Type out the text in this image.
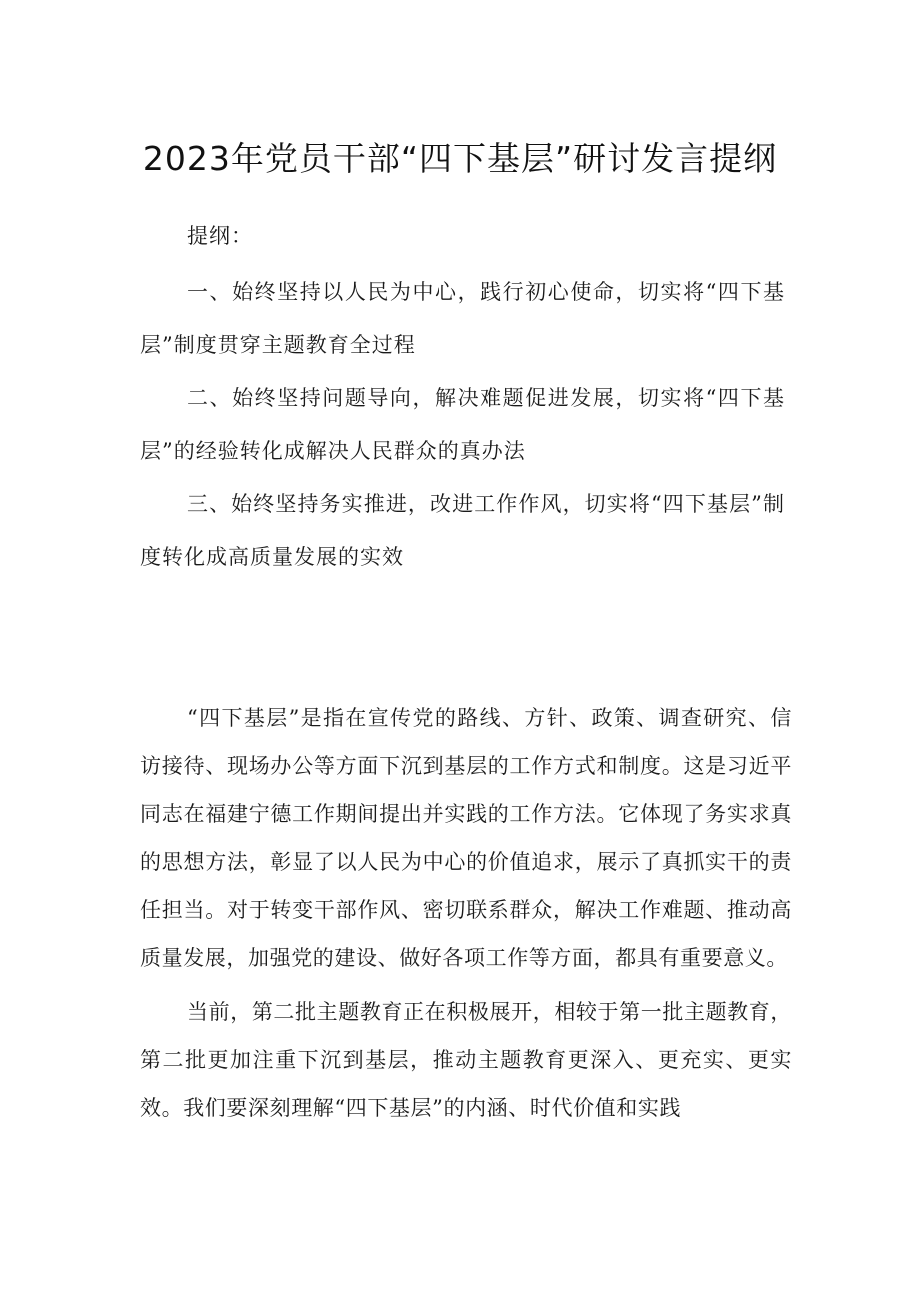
2023年党员干部“四下基层”研讨发言提纲

提纲：

一、始终坚持以人民为中心，践行初心使命，切实将“四下基层”制度贯穿主题教育全过程

二、始终坚持问题导向，解决难题促进发展，切实将“四下基层”的经验转化成解决人民群众的真办法

三、始终坚持务实推进，改进工作作风，切实将“四下基层”制度转化成高质量发展的实效

“四下基层”是指在宣传党的路线、方针、政策、调查研究、信访接待、现场办公等方面下沉到基层的工作方式和制度。这是习近平同志在福建宁德工作期间提出并实践的工作方法。它体现了务实求真的思想方法，彰显了以人民为中心的价值追求，展示了真抓实干的责任担当。对于转变干部作风、密切联系群众，解决工作难题、推动高质量发展，加强党的建设、做好各项工作等方面，都具有重要意义。

当前，第二批主题教育正在积极展开，相较于第一批主题教育，第二批更加注重下沉到基层，推动主题教育更深入、更充实、更实效。我们要深刻理解“四下基层”的内涵、时代价值和实践
